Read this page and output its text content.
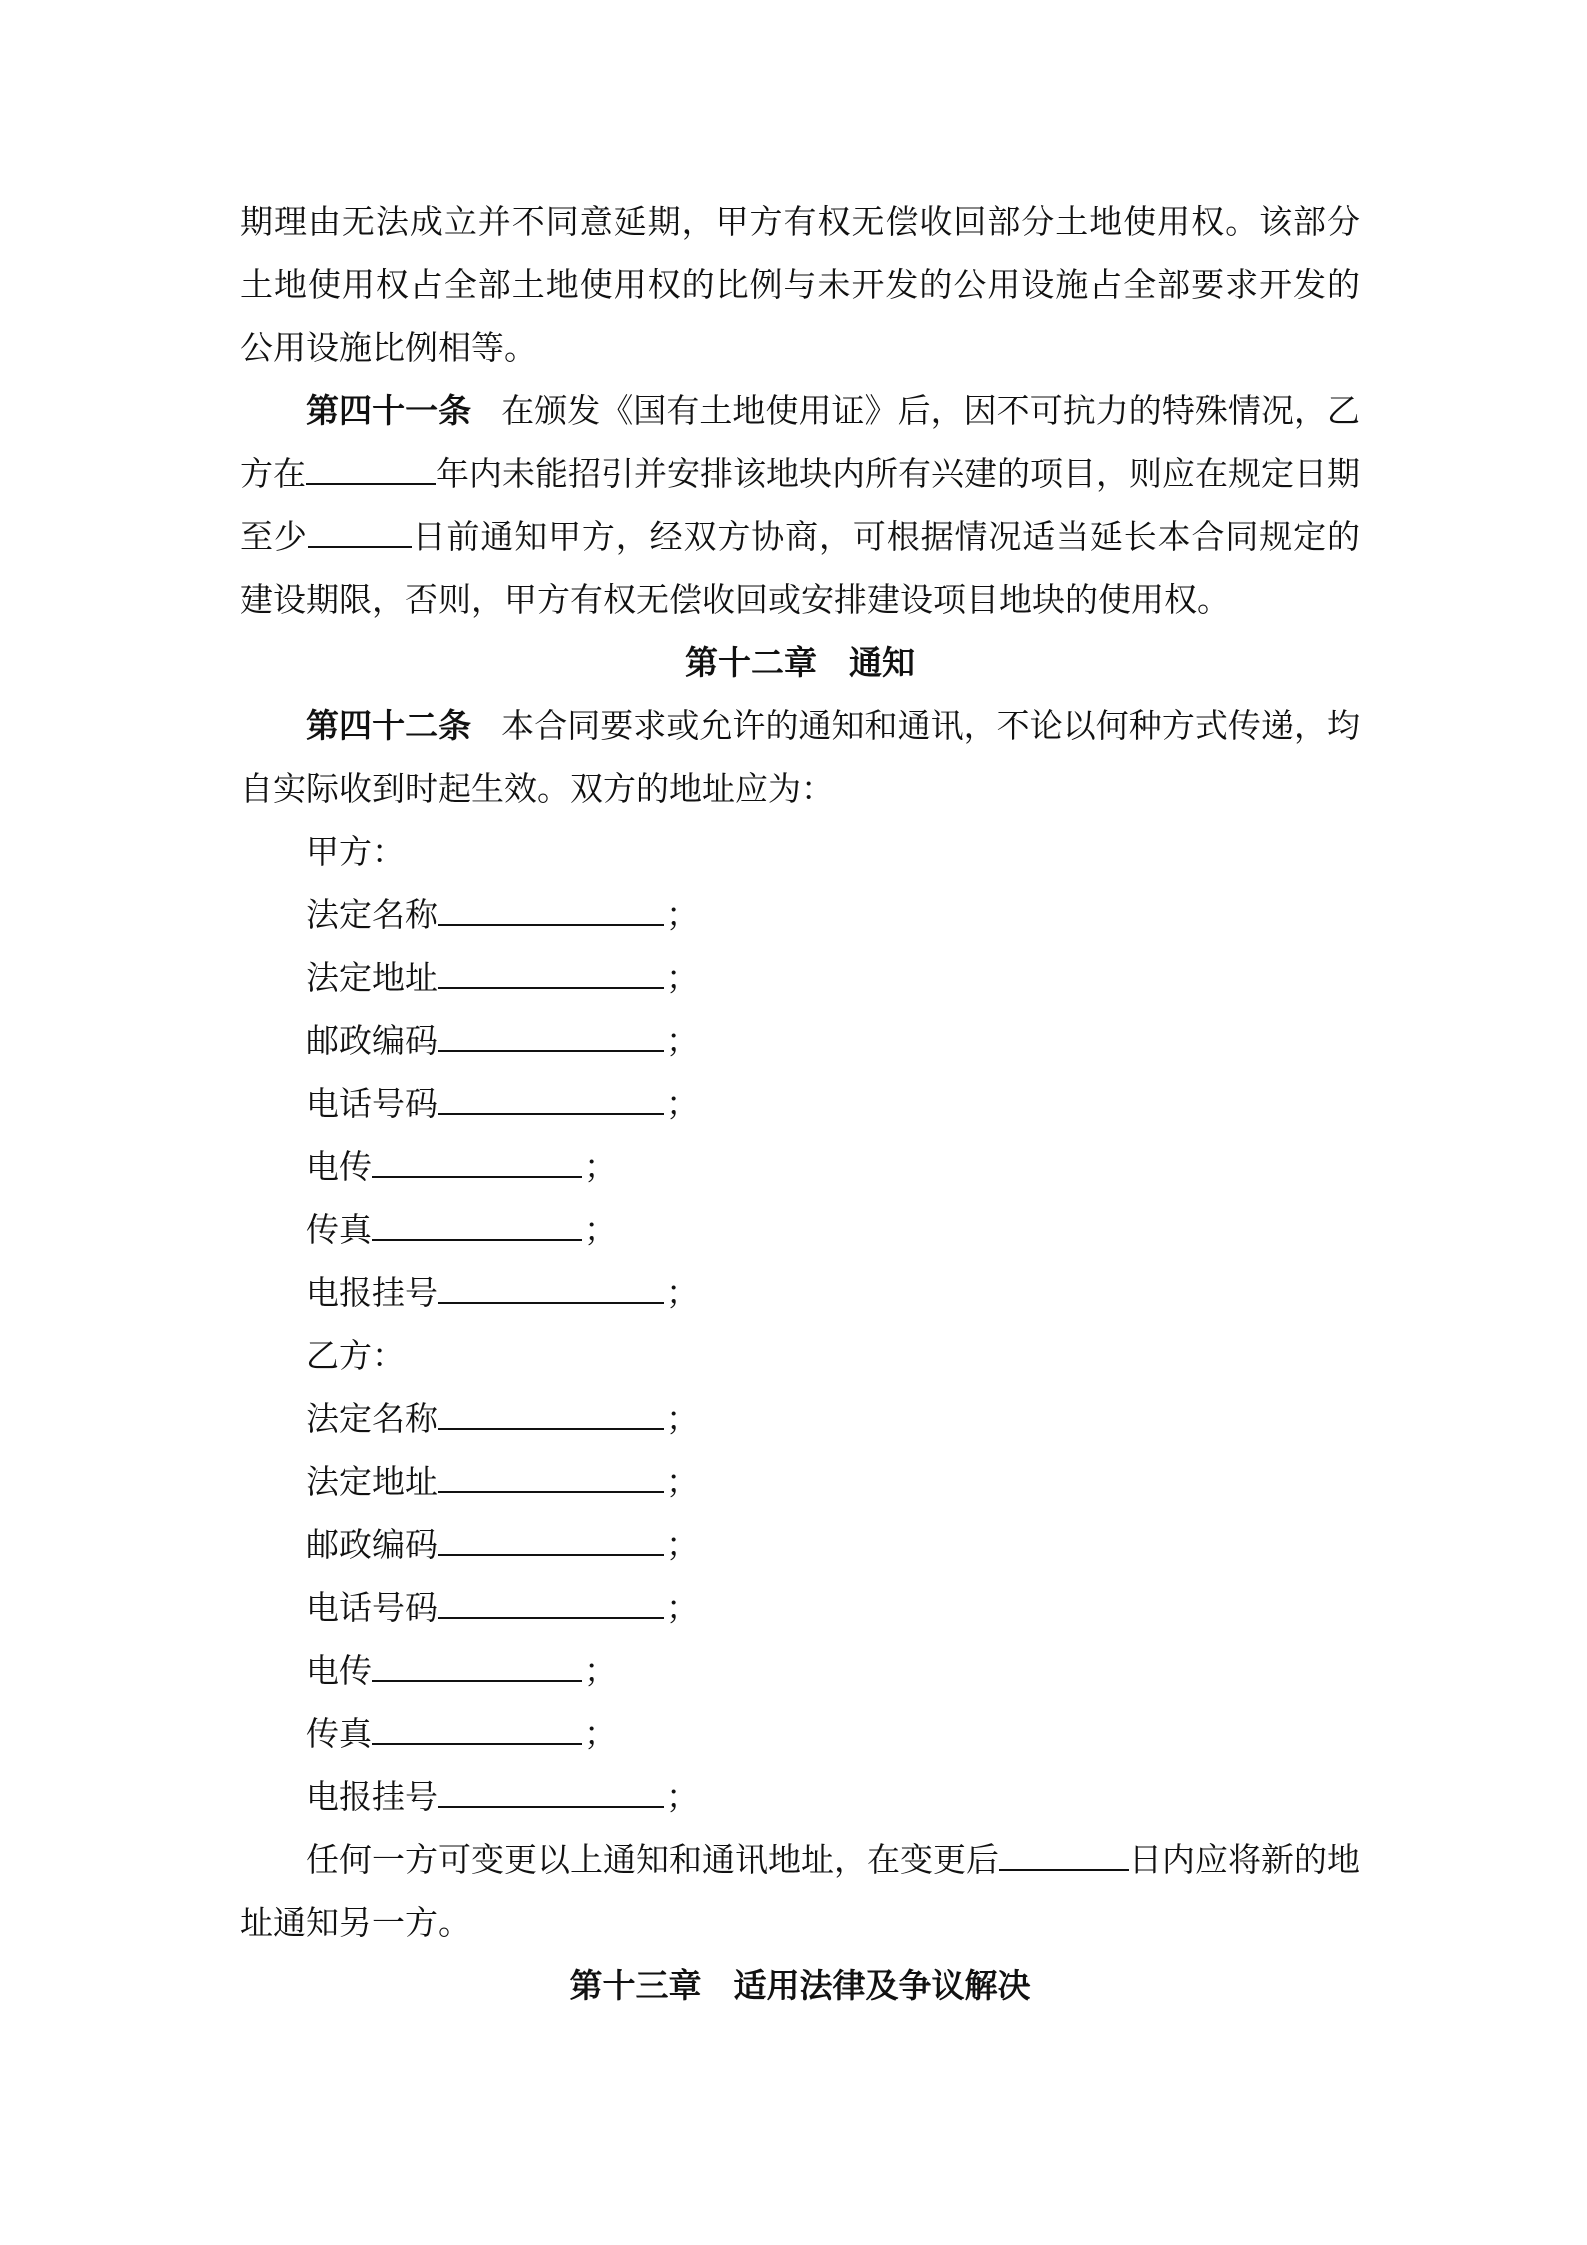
期理由无法成立并不同意延期，甲方有权无偿收回部分土地使用权。该部分土地使用权占全部土地使用权的比例与未开发的公用设施占全部要求开发的公用设施比例相等。

第四十一条 在颁发《国有土地使用证》后，因不可抗力的特殊情况，乙方在	年内未能招引并安排该地块内所有兴建的项目，则应在规定日期至少	日前通知甲方，经双方协商，可根据情况适当延长本合同规定的建设期限，否则，甲方有权无偿收回或安排建设项目地块的使用权。

第十二章 通知

第四十二条 本合同要求或允许的通知和通讯，不论以何种方式传递，均自实际收到时起生效。双方的地址应为：

甲方：

法定名称	；

法定地址	；

邮政编码	；

电话号码	；

电传	；

传真	；

电报挂号	；

乙方：

法定名称	；

法定地址	；

邮政编码	；

电话号码	；

电传	；

传真	；

电报挂号	；

任何一方可变更以上通知和通讯地址，在变更后	日内应将新的地址通知另一方。

第十三章 适用法律及争议解决
